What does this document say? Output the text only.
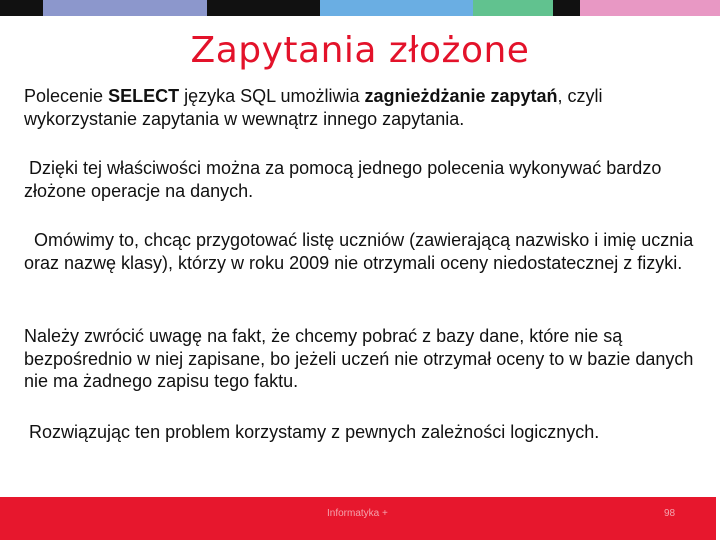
Zapytania złożone
Polecenie SELECT języka SQL umożliwia zagnieżdżanie zapytań, czyli wykorzystanie zapytania w wewnątrz innego zapytania.
Dzięki tej właściwości można za pomocą jednego polecenia wykonywać bardzo złożone operacje na danych.
Omówimy to, chcąc przygotować listę uczniów (zawierającą nazwisko i imię ucznia oraz nazwę klasy), którzy w roku 2009 nie otrzymali oceny niedostatecznej z fizyki.
Należy zwrócić uwagę na fakt, że chcemy pobrać z bazy dane, które nie są bezpośrednio w niej zapisane, bo jeżeli uczeń nie otrzymał oceny to w bazie danych nie ma żadnego zapisu tego faktu.
Rozwiązując ten problem korzystamy z pewnych zależności logicznych.
Informatyka +	98
